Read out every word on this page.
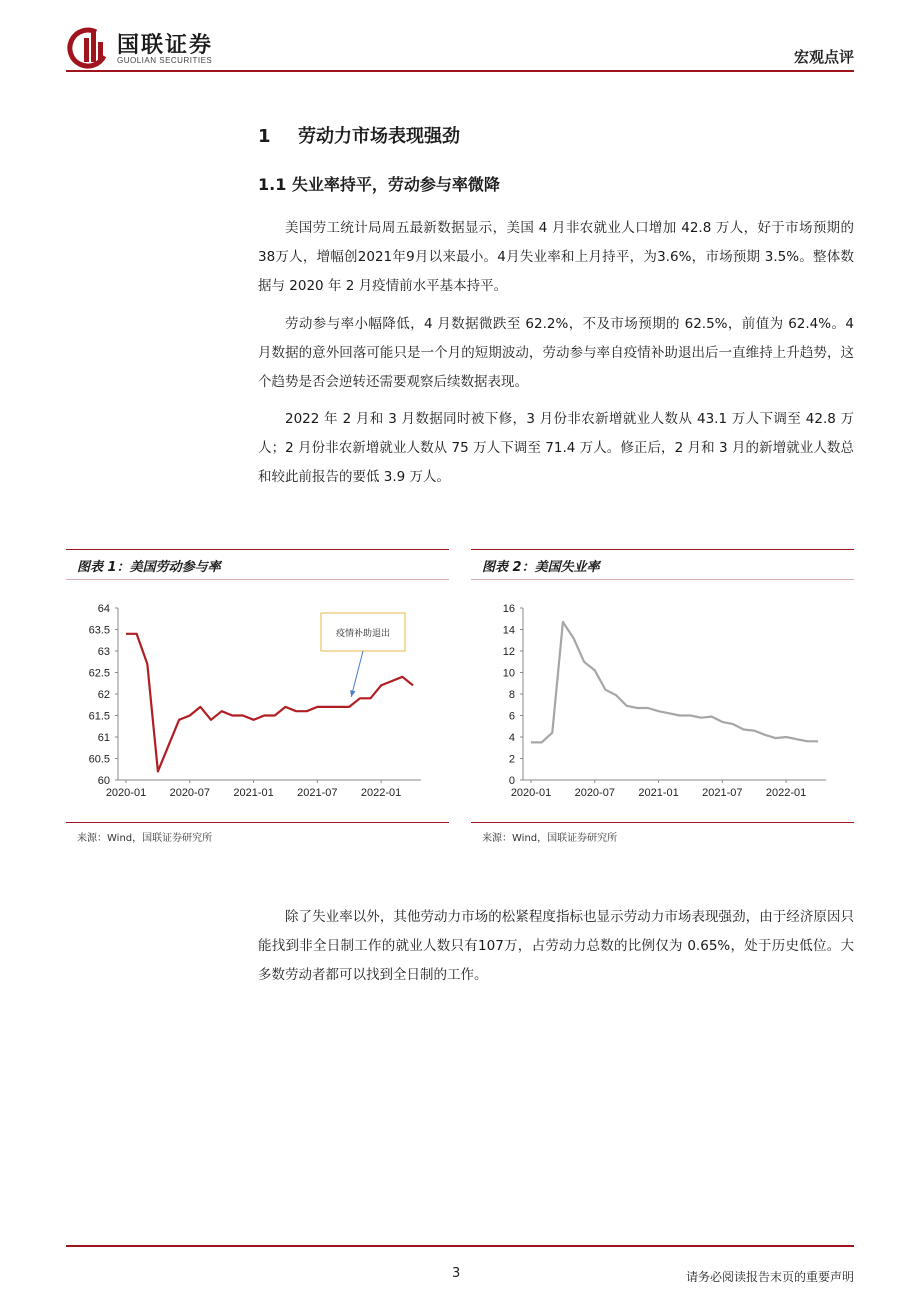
国联证券
GUOLIAN SECURITIES	宏观点评
1 劳动力市场表现强劲
1.1 失业率持平，劳动参与率微降

美国劳工统计局周五最新数据显示，美国 4 月非农就业人口增加 42.8 万人，好于市场预期的38万人，增幅创2021年9月以来最小。4月失业率和上月持平，为3.6%，市场预期 3.5%。整体数据与 2020 年 2 月疫情前水平基本持平。

劳动参与率小幅降低，4 月数据微跌至 62.2%，不及市场预期的 62.5%，前值为 62.4%。4 月数据的意外回落可能只是一个月的短期波动，劳动参与率自疫情补助退出后一直维持上升趋势，这个趋势是否会逆转还需要观察后续数据表现。

2022 年 2 月和 3 月数据同时被下修，3 月份非农新增就业人数从 43.1 万人下调至 42.8 万人；2 月份非农新增就业人数从 75 万人下调至 71.4 万人。修正后，2 月和 3 月的新增就业人数总和较此前报告的要低 3.9 万人。

图表 1：美国劳动参与率
60
60.5
61
61.5
62
62.5
63
63.5
64
2020-01 2020-07 2021-01 2021-07 2022-01
疫情补助退出
来源：Wind，国联证券研究所
图表 2：美国失业率
0
2
4
6
8
10
12
14
16
2020-01 2020-07 2021-01 2021-07 2022-01
来源：Wind，国联证券研究所

除了失业率以外，其他劳动力市场的松紧程度指标也显示劳动力市场表现强劲，由于经济原因只能找到非全日制工作的就业人数只有107万，占劳动力总数的比例仅为 0.65%，处于历史低位。大多数劳动者都可以找到全日制的工作。

3	请务必阅读报告末页的重要声明
